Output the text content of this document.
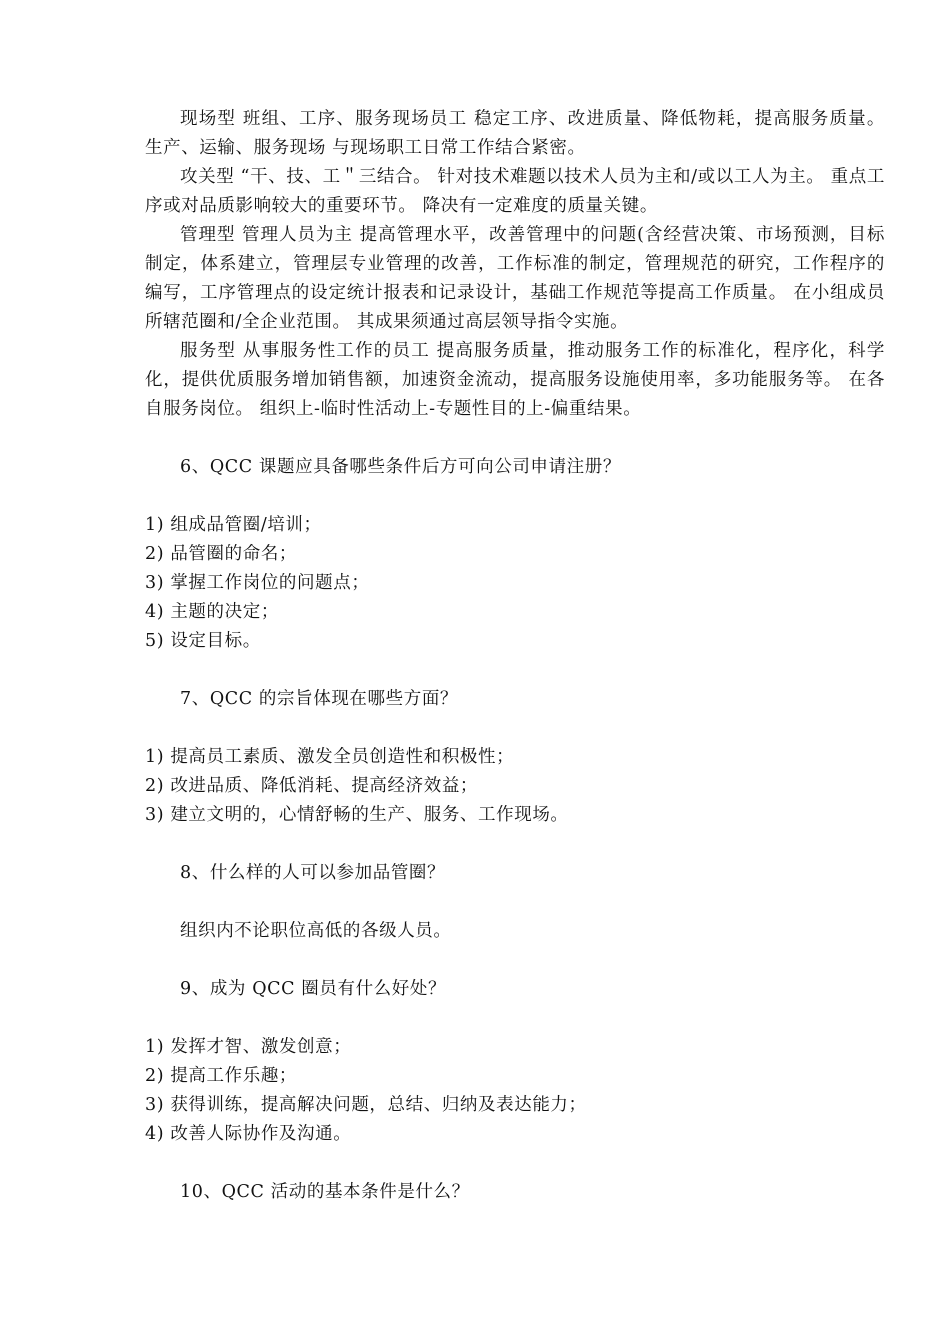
现场型 班组、工序、服务现场员工 稳定工序、改进质量、降低物耗，提高服务质量。 生产、运输、服务现场 与现场职工日常工作结合紧密。

攻关型 “干、技、工＂三结合。 针对技术难题以技术人员为主和/或以工人为主。 重点工序或对品质影响较大的重要环节。 降决有一定难度的质量关键。

管理型 管理人员为主 提高管理水平，改善管理中的问题(含经营决策、市场预测，目标制定，体系建立，管理层专业管理的改善，工作标准的制定，管理规范的研究，工作程序的编写，工序管理点的设定统计报表和记录设计，基础工作规范等提高工作质量。 在小组成员所辖范圈和/全企业范围。 其成果须通过高层领导指令实施。

服务型 从事服务性工作的员工 提高服务质量，推动服务工作的标准化，程序化，科学化，提供优质服务增加销售额，加速资金流动，提高服务设施使用率，多功能服务等。 在各自服务岗位。 组织上-临时性活动上-专题性目的上-偏重结果。

6、QCC 课题应具备哪些条件后方可向公司申请注册？

1) 组成品管圈/培训；
2) 品管圈的命名；
3) 掌握工作岗位的问题点；
4) 主题的决定；
5) 设定目标。

7、QCC 的宗旨体现在哪些方面？

1) 提高员工素质、激发全员创造性和积极性；
2) 改进品质、降低消耗、提高经济效益；
3) 建立文明的，心情舒畅的生产、服务、工作现场。

8、什么样的人可以参加品管圈？

组织内不论职位高低的各级人员。

9、成为 QCC 圈员有什么好处？

1) 发挥才智、激发创意；
2) 提高工作乐趣；
3) 获得训练，提高解决问题，总结、归纳及表达能力；
4) 改善人际协作及沟通。

10、QCC 活动的基本条件是什么？
